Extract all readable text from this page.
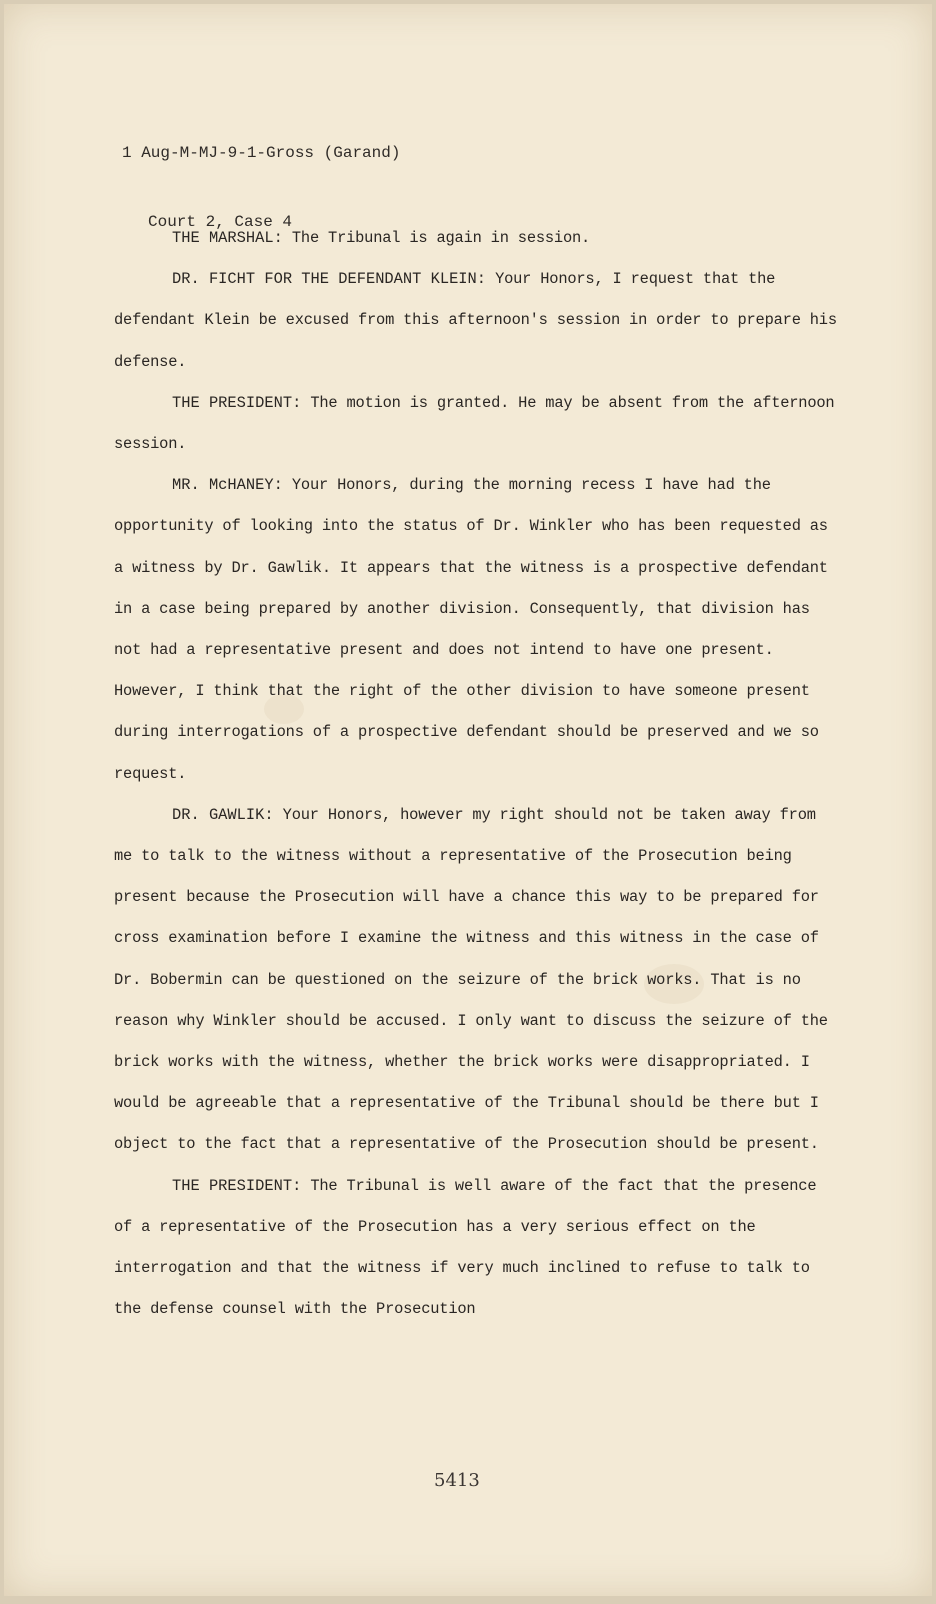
1 Aug-M-MJ-9-1-Gross (Garand)

Court 2, Case 4

THE MARSHAL: The Tribunal is again in session.

DR. FICHT FOR THE DEFENDANT KLEIN: Your Honors, I request that the defendant Klein be excused from this afternoon's session in order to prepare his defense.

THE PRESIDENT: The motion is granted. He may be absent from the afternoon session.

MR. McHANEY: Your Honors, during the morning recess I have had the opportunity of looking into the status of Dr. Winkler who has been requested as a witness by Dr. Gawlik. It appears that the witness is a prospective defendant in a case being prepared by another division. Consequently, that division has not had a representative present and does not intend to have one present. However, I think that the right of the other division to have someone present during interrogations of a prospective defendant should be preserved and we so request.

DR. GAWLIK: Your Honors, however my right should not be taken away from me to talk to the witness without a representative of the Prosecution being present because the Prosecution will have a chance this way to be prepared for cross examination before I examine the witness and this witness in the case of Dr. Bobermin can be questioned on the seizure of the brick works. That is no reason why Winkler should be accused. I only want to discuss the seizure of the brick works with the witness, whether the brick works were disappropriated. I would be agreeable that a representative of the Tribunal should be there but I object to the fact that a representative of the Prosecution should be present.

THE PRESIDENT: The Tribunal is well aware of the fact that the presence of a representative of the Prosecution has a very serious effect on the interrogation and that the witness if very much inclined to refuse to talk to the defense counsel with the Prosecution

5413
